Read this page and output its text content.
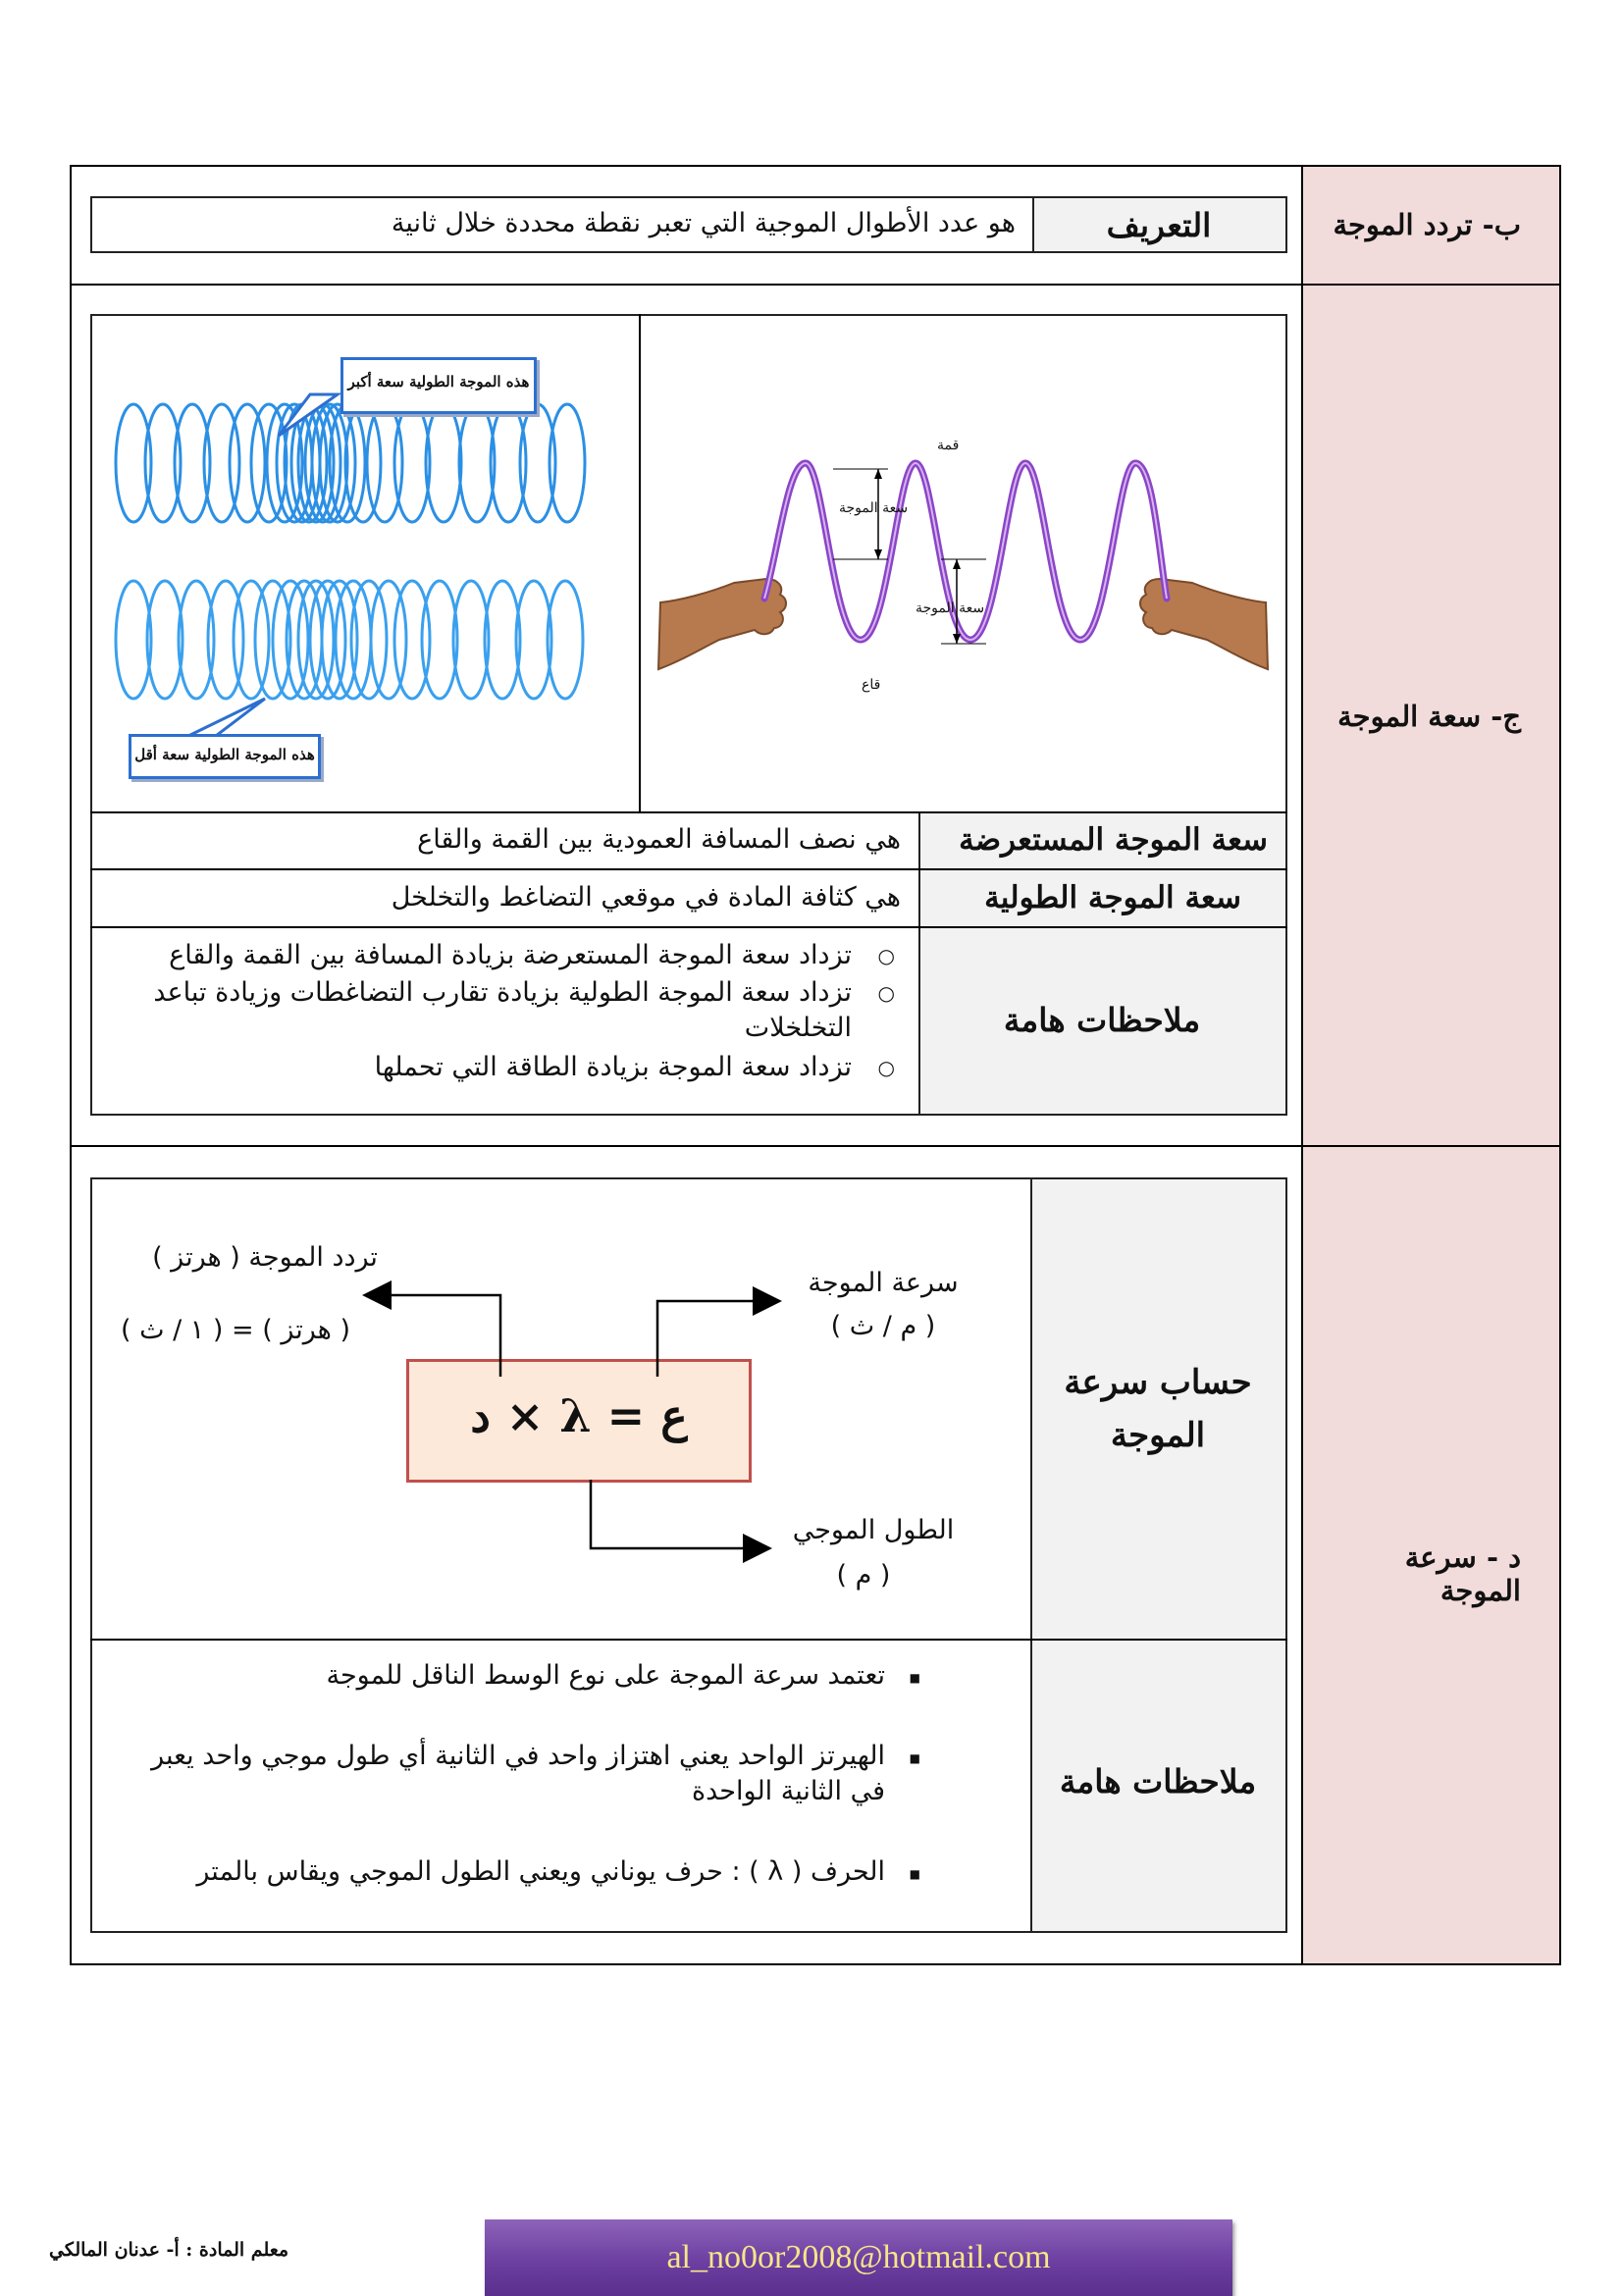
ب- تردد الموجة
ج- سعة الموجة
د - سرعة الموجة
التعريف
هو عدد الأطوال الموجية التي تعبر نقطة محددة خلال ثانية
قمة
سعة الموجة
سعة الموجة
قاع
هذه الموجة الطولية سعة أكبر
هذه الموجة الطولية سعة أقل
سعة الموجة المستعرضة
هي نصف المسافة العمودية بين القمة والقاع
سعة الموجة الطولية
هي كثافة المادة في موقعي التضاغط والتخلخل
ملاحظات هامة
○ تزداد سعة الموجة المستعرضة بزيادة المسافة بين القمة والقاع
○ تزداد سعة الموجة الطولية بزيادة تقارب التضاغطات وزيادة تباعد التخلخلات
○ تزداد سعة الموجة بزيادة الطاقة التي تحملها
حساب سرعة الموجة
ملاحظات هامة
ع = λ × د
تردد الموجة ( هرتز )
( هرتز ) = ( ١ / ث )
سرعة الموجة
( م / ث )
الطول الموجي
( م )
■ تعتمد سرعة الموجة على نوع الوسط الناقل للموجة
■ الهيرتز الواحد يعني اهتزاز واحد في الثانية أي طول موجي واحد يعبر في الثانية الواحدة
■ الحرف ( λ ) : حرف يوناني ويعني الطول الموجي ويقاس بالمتر
معلم المادة : أ- عدنان المالكي	al_no0or2008@hotmail.com
